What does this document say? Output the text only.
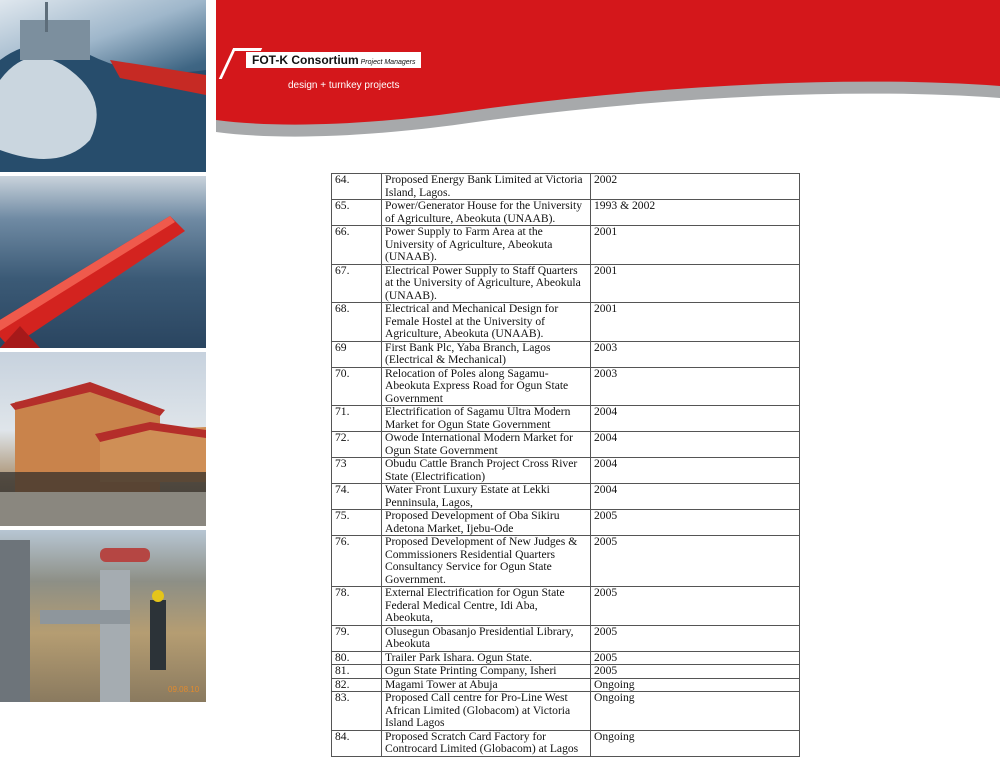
09.08.10
FOT-K Consortium Project Managers
design + turnkey projects
64.	Proposed Energy Bank Limited at Victoria Island, Lagos.	2002
65.	Power/Generator House for the University of Agriculture, Abeokuta (UNAAB).	1993 & 2002
66.	Power Supply to Farm Area at the University of Agriculture, Abeokuta (UNAAB).	2001
67.	Electrical Power Supply to Staff Quarters at the University of Agriculture, Abeokula (UNAAB).	2001
68.	Electrical and Mechanical Design for Female Hostel at the University of Agriculture, Abeokuta (UNAAB).	2001
69	First Bank Plc, Yaba Branch, Lagos (Electrical & Mechanical)	2003
70.	Relocation of Poles along Sagamu- Abeokuta Express Road for Ogun State Government	2003
71.	Electrification of Sagamu Ultra Modern Market for Ogun State Government	2004
72.	Owode International Modern Market for Ogun State Government	2004
73	Obudu Cattle Branch Project Cross River State (Electrification)	2004
74.	Water Front Luxury Estate at Lekki Penninsula, Lagos,	2004
75.	Proposed Development of Oba Sikiru Adetona Market, Ijebu-Ode	2005
76.	Proposed Development of New Judges & Commissioners Residential Quarters Consultancy Service for Ogun State Government.	2005
78.	External Electrification for Ogun State Federal Medical Centre, Idi Aba, Abeokuta,	2005
79.	Olusegun Obasanjo Presidential Library, Abeokuta	2005
80.	Trailer Park Ishara. Ogun State.	2005
81.	Ogun State Printing Company, Isheri	2005
82.	Magami Tower at Abuja	Ongoing
83.	Proposed Call centre for Pro-Line West African Limited (Globacom) at Victoria Island Lagos	Ongoing
84.	Proposed Scratch Card Factory for Controcard Limited (Globacom) at Lagos	Ongoing
